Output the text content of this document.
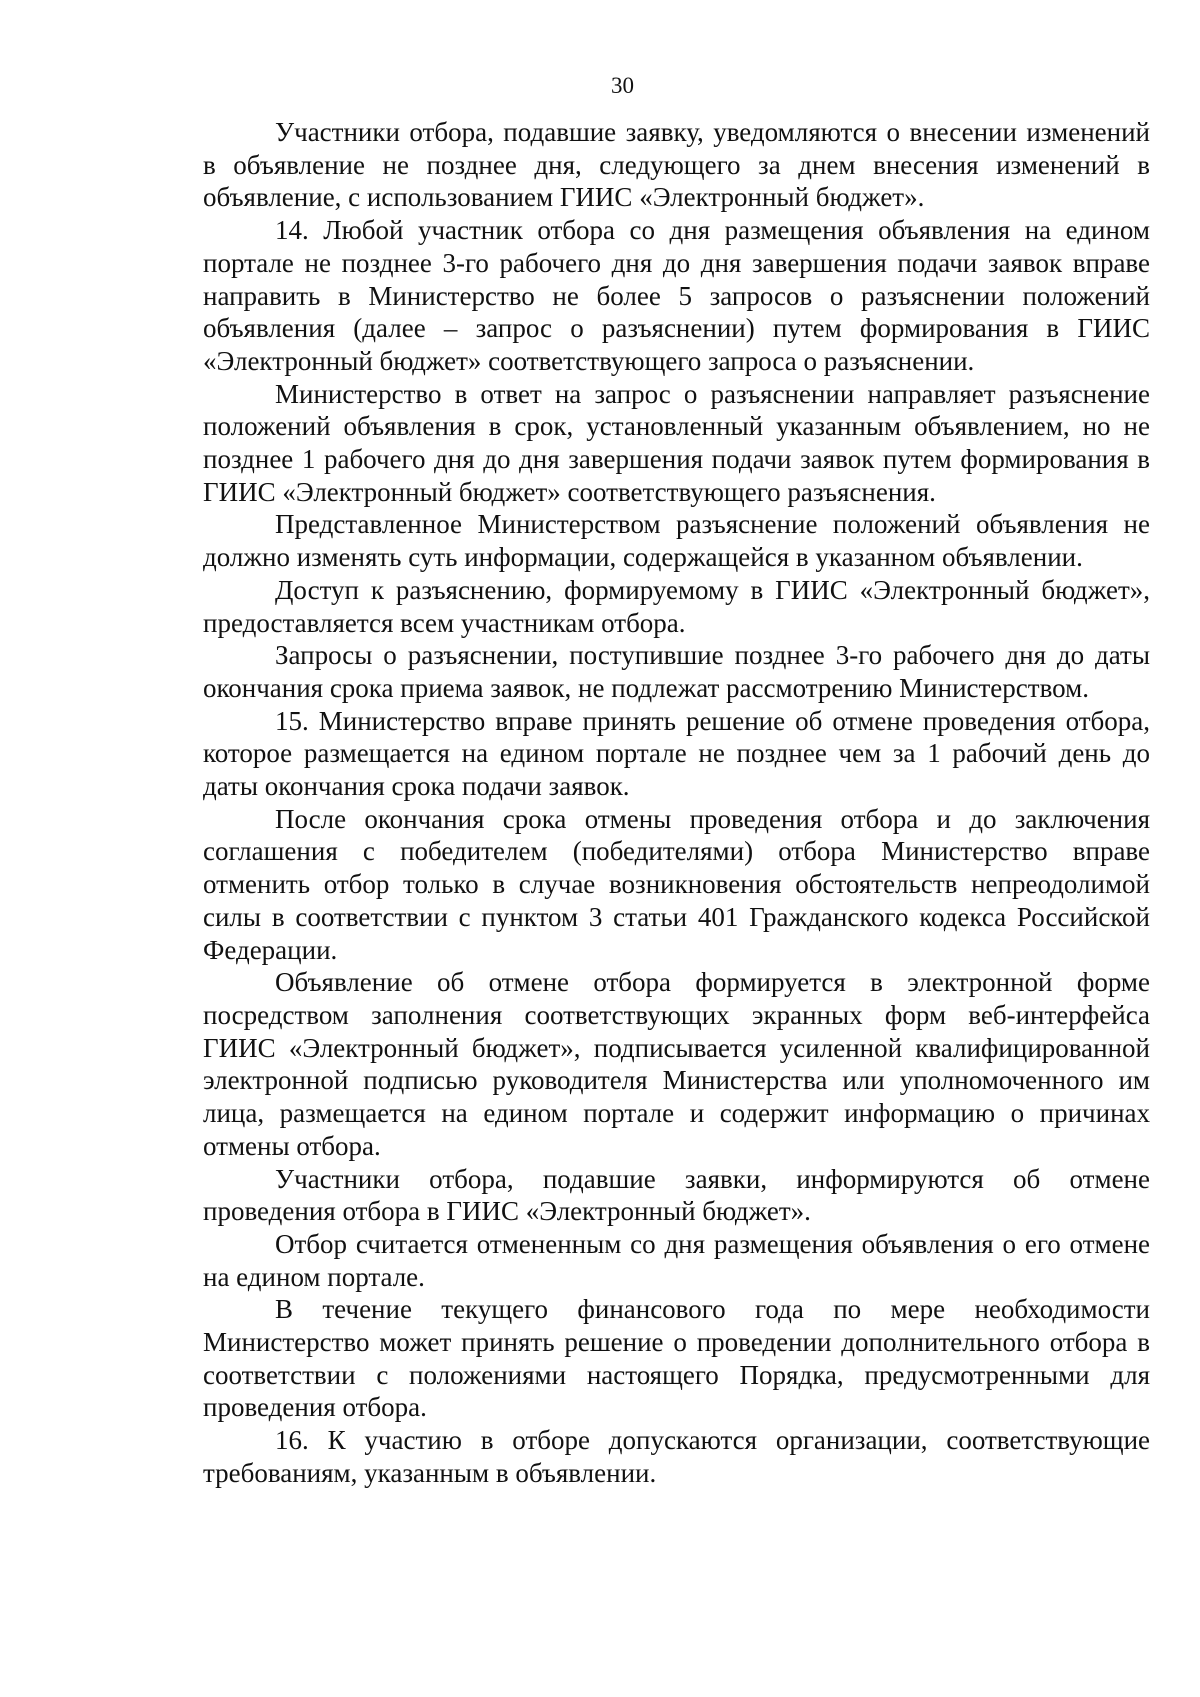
30

Участники отбора, подавшие заявку, уведомляются о внесении изменений в объявление не позднее дня, следующего за днем внесения изменений в объявление, с использованием ГИИС «Электронный бюджет».

14. Любой участник отбора со дня размещения объявления на едином портале не позднее 3-го рабочего дня до дня завершения подачи заявок вправе направить в Министерство не более 5 запросов о разъяснении положений объявления (далее – запрос о разъяснении) путем формирования в ГИИС «Электронный бюджет» соответствующего запроса о разъяснении.

Министерство в ответ на запрос о разъяснении направляет разъяснение положений объявления в срок, установленный указанным объявлением, но не позднее 1 рабочего дня до дня завершения подачи заявок путем формирования в ГИИС «Электронный бюджет» соответствующего разъяснения.

Представленное Министерством разъяснение положений объявления не должно изменять суть информации, содержащейся в указанном объявлении.

Доступ к разъяснению, формируемому в ГИИС «Электронный бюджет», предоставляется всем участникам отбора.

Запросы о разъяснении, поступившие позднее 3-го рабочего дня до даты окончания срока приема заявок, не подлежат рассмотрению Министерством.

15. Министерство вправе принять решение об отмене проведения отбора, которое размещается на едином портале не позднее чем за 1 рабочий день до даты окончания срока подачи заявок.

После окончания срока отмены проведения отбора и до заключения соглашения с победителем (победителями) отбора Министерство вправе отменить отбор только в случае возникновения обстоятельств непреодолимой силы в соответствии с пунктом 3 статьи 401 Гражданского кодекса Российской Федерации.

Объявление об отмене отбора формируется в электронной форме посредством заполнения соответствующих экранных форм веб-интерфейса ГИИС «Электронный бюджет», подписывается усиленной квалифицированной электронной подписью руководителя Министерства или уполномоченного им лица, размещается на едином портале и содержит информацию о причинах отмены отбора.

Участники отбора, подавшие заявки, информируются об отмене проведения отбора в ГИИС «Электронный бюджет».

Отбор считается отмененным со дня размещения объявления о его отмене на едином портале.

В течение текущего финансового года по мере необходимости Министерство может принять решение о проведении дополнительного отбора в соответствии с положениями настоящего Порядка, предусмотренными для проведения отбора.

16. К участию в отборе допускаются организации, соответствующие требованиям, указанным в объявлении.
